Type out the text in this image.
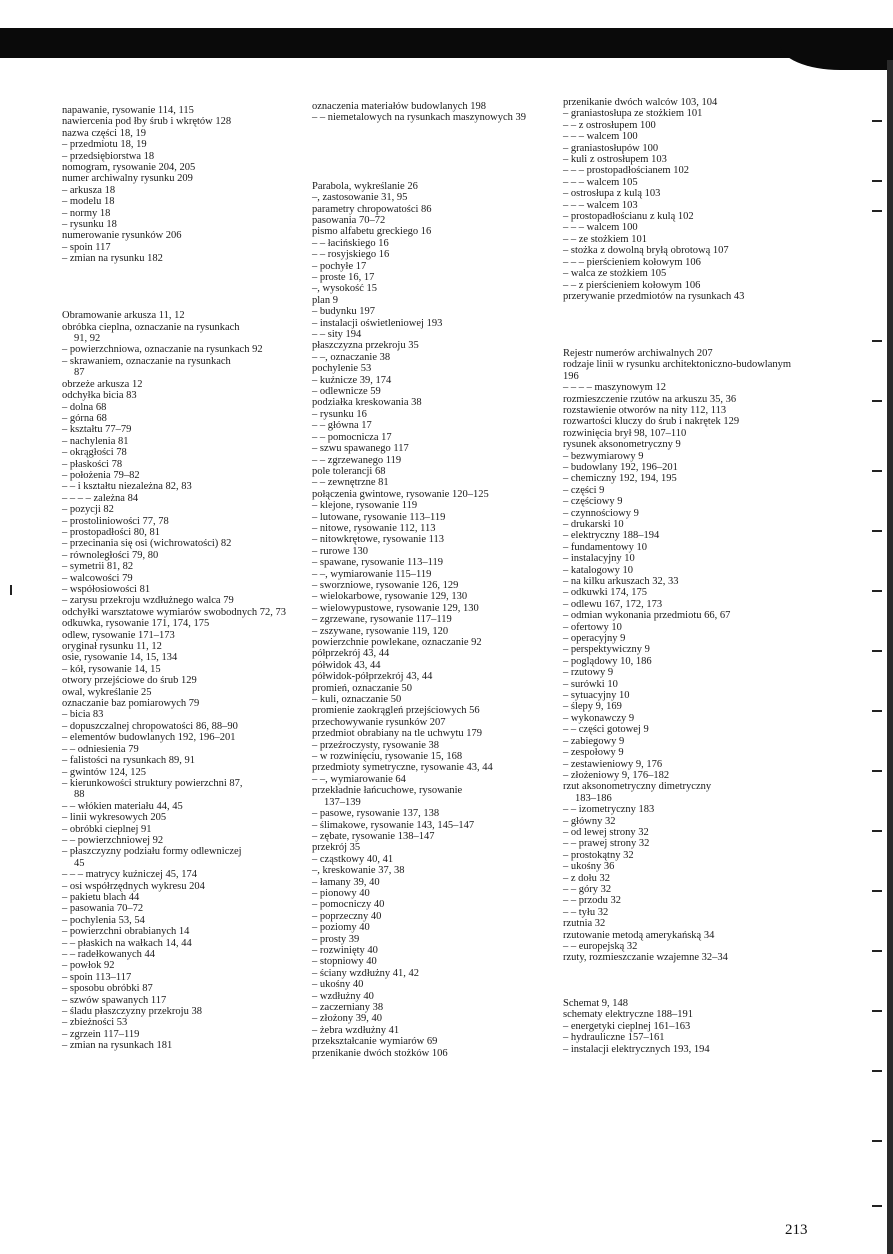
napawanie, rysowanie 114, 115
nawiercenia pod łby śrub i wkrętów 128
nazwa części 18, 19
– przedmiotu 18, 19
– przedsiębiorstwa 18
nomogram, rysowanie 204, 205
numer archiwalny rysunku 209
– arkusza 18
– modelu 18
– normy 18
– rysunku 18
numerowanie rysunków 206
– spoin 117
– zmian na rysunku 182
Obramowanie arkusza 11, 12
obróbka cieplna, oznaczanie na rysunkach
91, 92
– powierzchniowa, oznaczanie na rysunkach 92
– skrawaniem, oznaczanie na rysunkach
87
obrzeże arkusza 12
odchyłka bicia 83
– dolna 68
– górna 68
– kształtu 77–79
– nachylenia 81
– okrągłości 78
– płaskości 78
– położenia 79–82
– – i kształtu niezależna 82, 83
– – – – zależna 84
– pozycji 82
– prostoliniowości 77, 78
– prostopadłości 80, 81
– przecinania się osi (wichrowatości) 82
– równoległości 79, 80
– symetrii 81, 82
– walcowości 79
– współosiowości 81
– zarysu przekroju wzdłużnego walca 79
odchyłki warsztatowe wymiarów swobodnych 72, 73
odkuwka, rysowanie 171, 174, 175
odlew, rysowanie 171–173
oryginał rysunku 11, 12
osie, rysowanie 14, 15, 134
– kół, rysowanie 14, 15
otwory przejściowe do śrub 129
owal, wykreślanie 25
oznaczanie baz pomiarowych 79
– bicia 83
– dopuszczalnej chropowatości 86, 88–90
– elementów budowlanych 192, 196–201
– – odniesienia 79
– falistości na rysunkach 89, 91
– gwintów 124, 125
– kierunkowości struktury powierzchni 87,
88
– – włókien materiału 44, 45
– linii wykresowych 205
– obróbki cieplnej 91
– – powierzchniowej 92
– płaszczyzny podziału formy odlewniczej
45
– – – matrycy kuźniczej 45, 174
– osi współrzędnych wykresu 204
– pakietu blach 44
– pasowania 70–72
– pochylenia 53, 54
– powierzchni obrabianych 14
– – płaskich na wałkach 14, 44
– – radełkowanych 44
– powłok 92
– spoin 113–117
– sposobu obróbki 87
– szwów spawanych 117
– śladu płaszczyzny przekroju 38
– zbieżności 53
– zgrzein 117–119
– zmian na rysunkach 181
oznaczenia materiałów budowlanych 198
– – niemetalowych na rysunkach maszynowych 39
Parabola, wykreślanie 26
–, zastosowanie 31, 95
parametry chropowatości 86
pasowania 70–72
pismo alfabetu greckiego 16
– – łacińskiego 16
– – rosyjskiego 16
– pochyłe 17
– proste 16, 17
–, wysokość 15
plan 9
– budynku 197
– instalacji oświetleniowej 193
– – sity 194
płaszczyzna przekroju 35
– –, oznaczanie 38
pochylenie 53
– kuźnicze 39, 174
– odlewnicze 59
podziałka kreskowania 38
– rysunku 16
– – główna 17
– – pomocnicza 17
– szwu spawanego 117
– – zgrzewanego 119
pole tolerancji 68
– – zewnętrzne 81
połączenia gwintowe, rysowanie 120–125
– klejone, rysowanie 119
– lutowane, rysowanie 113–119
– nitowe, rysowanie 112, 113
– nitowkrętowe, rysowanie 113
– rurowe 130
– spawane, rysowanie 113–119
– –, wymiarowanie 115–119
– sworzniowe, rysowanie 126, 129
– wielokarbowe, rysowanie 129, 130
– wielowypustowe, rysowanie 129, 130
– zgrzewane, rysowanie 117–119
– zszywane, rysowanie 119, 120
powierzchnie powlekane, oznaczanie 92
półprzekrój 43, 44
półwidok 43, 44
półwidok-półprzekrój 43, 44
promień, oznaczanie 50
– kuli, oznaczanie 50
promienie zaokrągleń przejściowych 56
przechowywanie rysunków 207
przedmiot obrabiany na tle uchwytu 179
– przeźroczysty, rysowanie 38
– w rozwinięciu, rysowanie 15, 168
przedmioty symetryczne, rysowanie 43, 44
– –, wymiarowanie 64
przekładnie łańcuchowe, rysowanie
137–139
– pasowe, rysowanie 137, 138
– ślimakowe, rysowanie 143, 145–147
– zębate, rysowanie 138–147
przekrój 35
– cząstkowy 40, 41
–, kreskowanie 37, 38
– łamany 39, 40
– pionowy 40
– pomocniczy 40
– poprzeczny 40
– poziomy 40
– prosty 39
– rozwinięty 40
– stopniowy 40
– ściany wzdłużny 41, 42
– ukośny 40
– wzdłużny 40
– zaczerniany 38
– złożony 39, 40
– żebra wzdłużny 41
przekształcanie wymiarów 69
przenikanie dwóch stożków 106
przenikanie dwóch walców 103, 104
– graniastosłupa ze stożkiem 101
– – z ostrosłupem 100
– – – walcem 100
– graniastosłupów 100
– kuli z ostrosłupem 103
– – – prostopadłościanem 102
– – – walcem 105
– ostrosłupa z kulą 103
– – – walcem 103
– prostopadłościanu z kulą 102
– – – walcem 100
– – ze stożkiem 101
– stożka z dowolną bryłą obrotową 107
– – – pierścieniem kołowym 106
– walca ze stożkiem 105
– – z pierścieniem kołowym 106
przerywanie przedmiotów na rysunkach 43
Rejestr numerów archiwalnych 207
rodzaje linii w rysunku architektoniczno-budowlanym 196
– – – – maszynowym 12
rozmieszczenie rzutów na arkuszu 35, 36
rozstawienie otworów na nity 112, 113
rozwartości kluczy do śrub i nakrętek 129
rozwinięcia brył 98, 107–110
rysunek aksonometryczny 9
– bezwymiarowy 9
– budowlany 192, 196–201
– chemiczny 192, 194, 195
– części 9
– częściowy 9
– czynnościowy 9
– drukarski 10
– elektryczny 188–194
– fundamentowy 10
– instalacyjny 10
– katalogowy 10
– na kilku arkuszach 32, 33
– odkuwki 174, 175
– odlewu 167, 172, 173
– odmian wykonania przedmiotu 66, 67
– ofertowy 10
– operacyjny 9
– perspektywiczny 9
– poglądowy 10, 186
– rzutowy 9
– surówki 10
– sytuacyjny 10
– ślepy 9, 169
– wykonawczy 9
– – części gotowej 9
– zabiegowy 9
– zespołowy 9
– zestawieniowy 9, 176
– złożeniowy 9, 176–182
rzut aksonometryczny dimetryczny
183–186
– – izometryczny 183
– główny 32
– od lewej strony 32
– – prawej strony 32
– prostokątny 32
– ukośny 36
– z dołu 32
– – góry 32
– – przodu 32
– – tyłu 32
rzutnia 32
rzutowanie metodą amerykańską 34
– – europejską 32
rzuty, rozmieszczanie wzajemne 32–34
Schemat 9, 148
schematy elektryczne 188–191
– energetyki cieplnej 161–163
– hydrauliczne 157–161
– instalacji elektrycznych 193, 194
213
